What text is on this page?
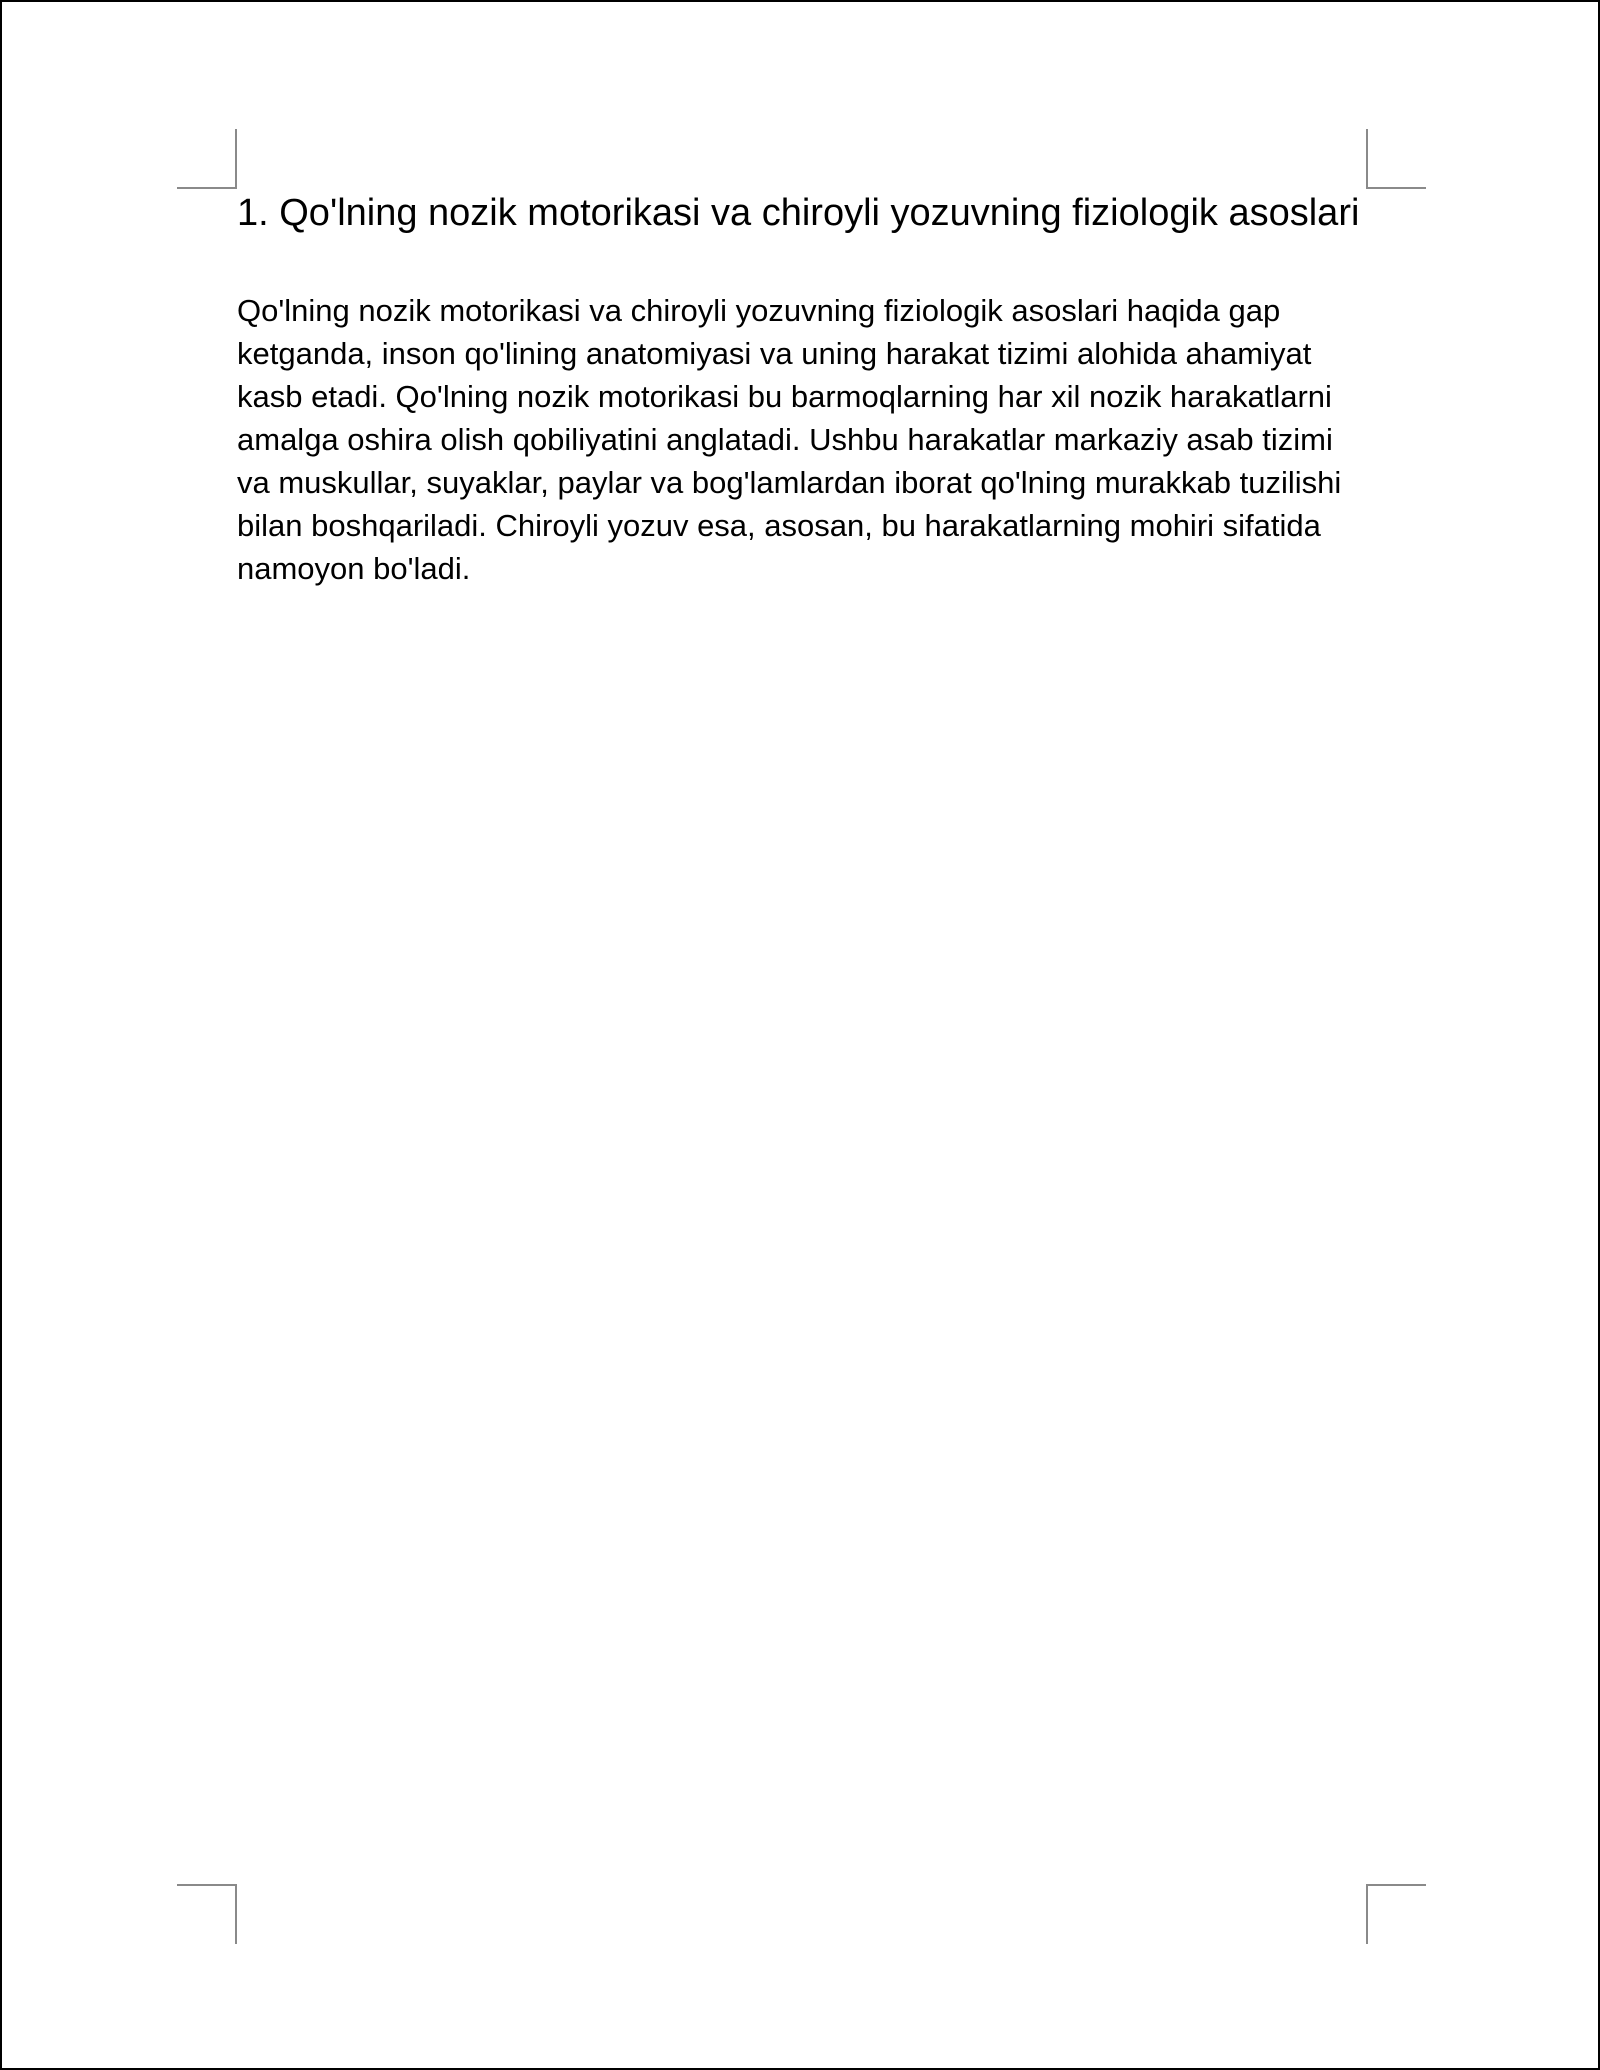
1. Qo'lning nozik motorikasi va chiroyli yozuvning fiziologik asoslari

Qo'lning nozik motorikasi va chiroyli yozuvning fiziologik asoslari haqida gap ketganda, inson qo'lining anatomiyasi va uning harakat tizimi alohida ahamiyat kasb etadi. Qo'lning nozik motorikasi bu barmoqlarning har xil nozik harakatlarni amalga oshira olish qobiliyatini anglatadi. Ushbu harakatlar markaziy asab tizimi va muskullar, suyaklar, paylar va bog'lamlardan iborat qo'lning murakkab tuzilishi bilan boshqariladi. Chiroyli yozuv esa, asosan, bu harakatlarning mohiri sifatida namoyon bo'ladi.
